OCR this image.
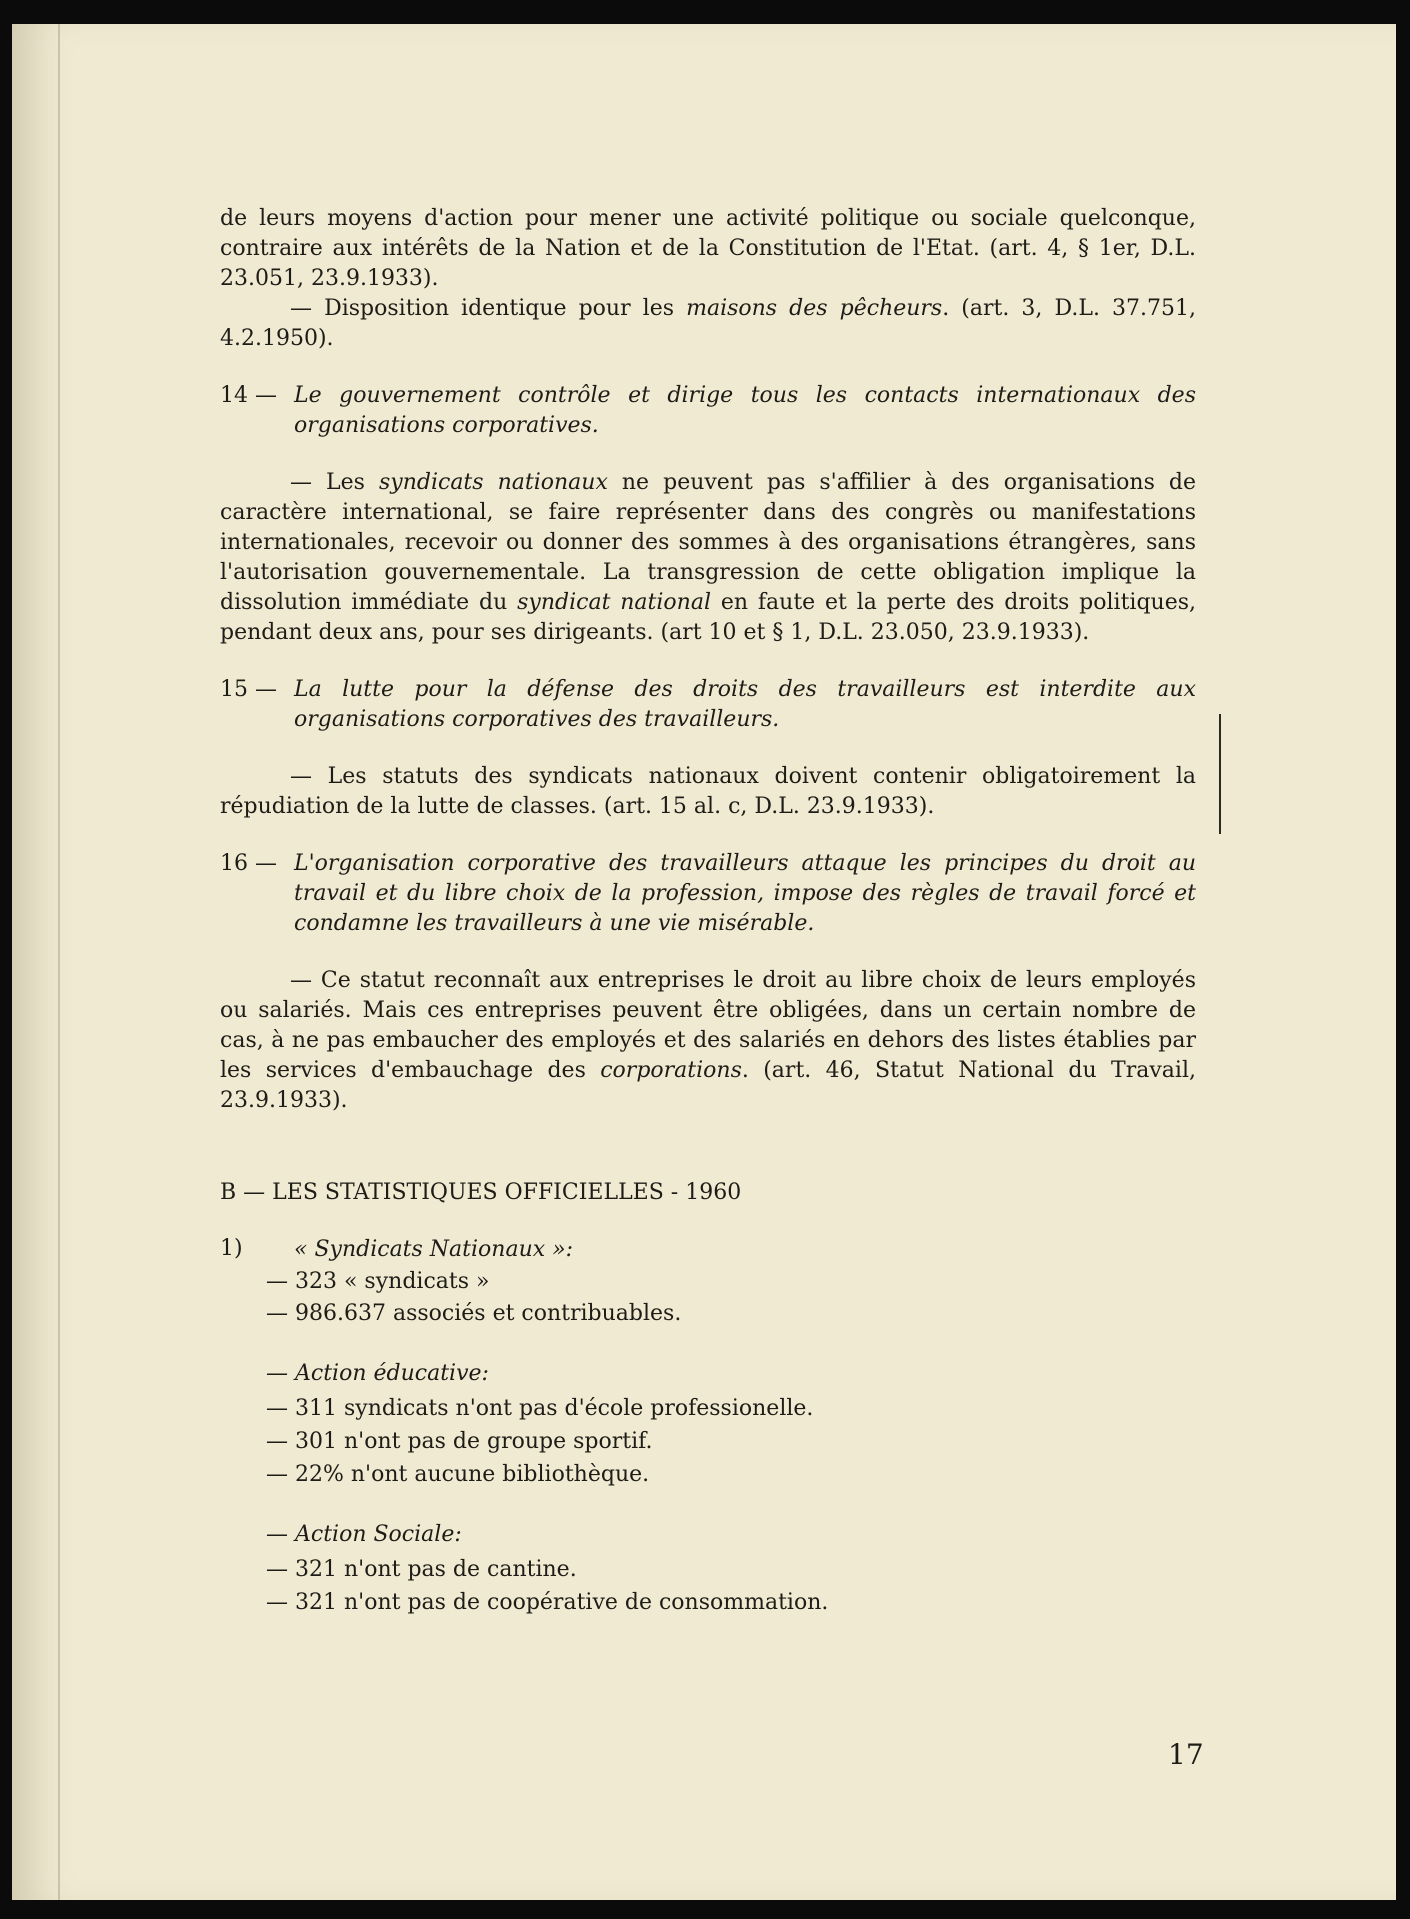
de leurs moyens d'action pour mener une activité politique ou sociale quelconque, contraire aux intérêts de la Nation et de la Constitution de l'Etat. (art. 4, § 1er, D.L. 23.051, 23.9.1933).

— Disposition identique pour les maisons des pêcheurs. (art. 3, D.L. 37.751, 4.2.1950).

14 — Le gouvernement contrôle et dirige tous les contacts internationaux des organisations corporatives.

— Les syndicats nationaux ne peuvent pas s'affilier à des organisations de caractère international, se faire représenter dans des congrès ou manifestations internationales, recevoir ou donner des sommes à des organisations étrangères, sans l'autorisation gouvernementale. La transgression de cette obligation implique la dissolution immédiate du syndicat national en faute et la perte des droits politiques, pendant deux ans, pour ses dirigeants. (art 10 et § 1, D.L. 23.050, 23.9.1933).

15 — La lutte pour la défense des droits des travailleurs est interdite aux organisations corporatives des travailleurs.

— Les statuts des syndicats nationaux doivent contenir obligatoirement la répudiation de la lutte de classes. (art. 15 al. c, D.L. 23.9.1933).

16 — L'organisation corporative des travailleurs attaque les principes du droit au travail et du libre choix de la profession, impose des règles de travail forcé et condamne les travailleurs à une vie misérable.

— Ce statut reconnaît aux entreprises le droit au libre choix de leurs employés ou salariés. Mais ces entreprises peuvent être obligées, dans un certain nombre de cas, à ne pas embaucher des employés et des salariés en dehors des listes établies par les services d'embauchage des corporations. (art. 46, Statut National du Travail, 23.9.1933).

B — LES STATISTIQUES OFFICIELLES - 1960

1)	« Syndicats Nationaux »:
— 323 « syndicats »
— 986.637 associés et contribuables.
— Action éducative:
— 311 syndicats n'ont pas d'école professionelle.
— 301 n'ont pas de groupe sportif.
— 22% n'ont aucune bibliothèque.
— Action Sociale:
— 321 n'ont pas de cantine.
— 321 n'ont pas de coopérative de consommation.
17
